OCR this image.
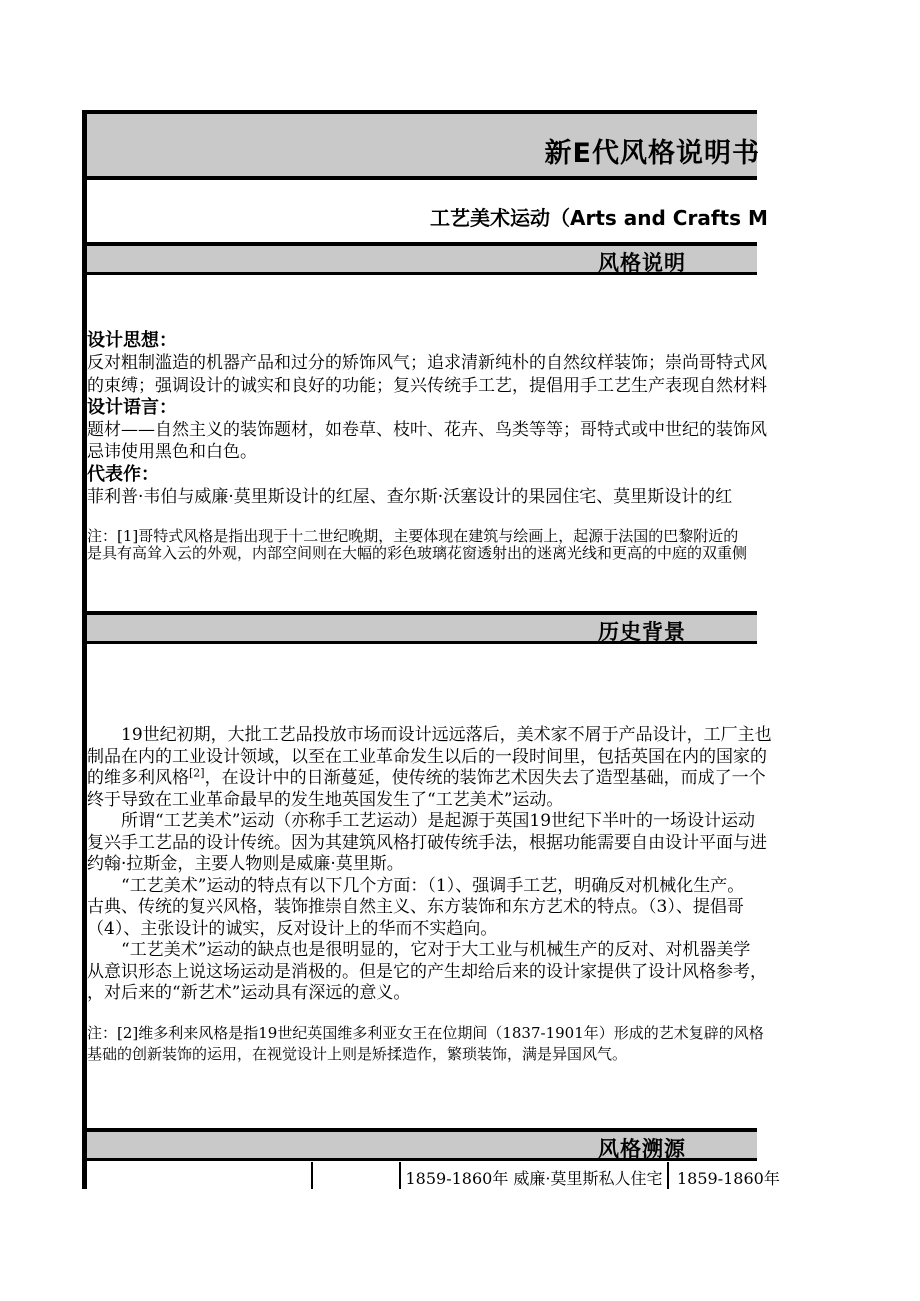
新E代风格说明书
工艺美术运动（Arts and Crafts M
风格说明
设计思想：
反对粗制滥造的机器产品和过分的矫饰风气；追求清新纯朴的自然纹样装饰；崇尚哥特式风
的束缚；强调设计的诚实和良好的功能；复兴传统手工艺，提倡用手工艺生产表现自然材料
设计语言：
题材——自然主义的装饰题材，如卷草、枝叶、花卉、鸟类等等；哥特式或中世纪的装饰风
忌讳使用黑色和白色。
代表作：
菲利普·韦伯与威廉·莫里斯设计的红屋、查尔斯·沃塞设计的果园住宅、莫里斯设计的红
注：[1]哥特式风格是指出现于十二世纪晚期，主要体现在建筑与绘画上，起源于法国的巴黎附近的
是具有高耸入云的外观，内部空间则在大幅的彩色玻璃花窗透射出的迷离光线和更高的中庭的双重侧
历史背景
　　19世纪初期，大批工艺品投放市场而设计远远落后，美术家不屑于产品设计，工厂主也
制品在内的工业设计领域，以至在工业革命发生以后的一段时间里，包括英国在内的国家的
的维多利风格[2]，在设计中的日渐蔓延，使传统的装饰艺术因失去了造型基础，而成了一个
终于导致在工业革命最早的发生地英国发生了“工艺美术”运动。
　　所谓“工艺美术”运动（亦称手工艺运动）是起源于英国19世纪下半叶的一场设计运动
复兴手工艺品的设计传统。因为其建筑风格打破传统手法，根据功能需要自由设计平面与进
约翰·拉斯金，主要人物则是威廉·莫里斯。
　　“工艺美术”运动的特点有以下几个方面：（1）、强调手工艺，明确反对机械化生产。
古典、传统的复兴风格，装饰推崇自然主义、东方装饰和东方艺术的特点。（3）、提倡哥
（4）、主张设计的诚实，反对设计上的华而不实趋向。
　　“工艺美术”运动的缺点也是很明显的，它对于大工业与机械生产的反对、对机器美学
从意识形态上说这场运动是消极的。但是它的产生却给后来的设计家提供了设计风格参考，
，对后来的“新艺术”运动具有深远的意义。
注：[2]维多利来风格是指19世纪英国维多利亚女王在位期间（1837-1901年）形成的艺术复辟的风格
基础的创新装饰的运用，在视觉设计上则是矫揉造作，繁琐装饰，满是异国风气。
风格溯源
1859-1860年 威廉·莫里斯私人住宅 1859-1860年
